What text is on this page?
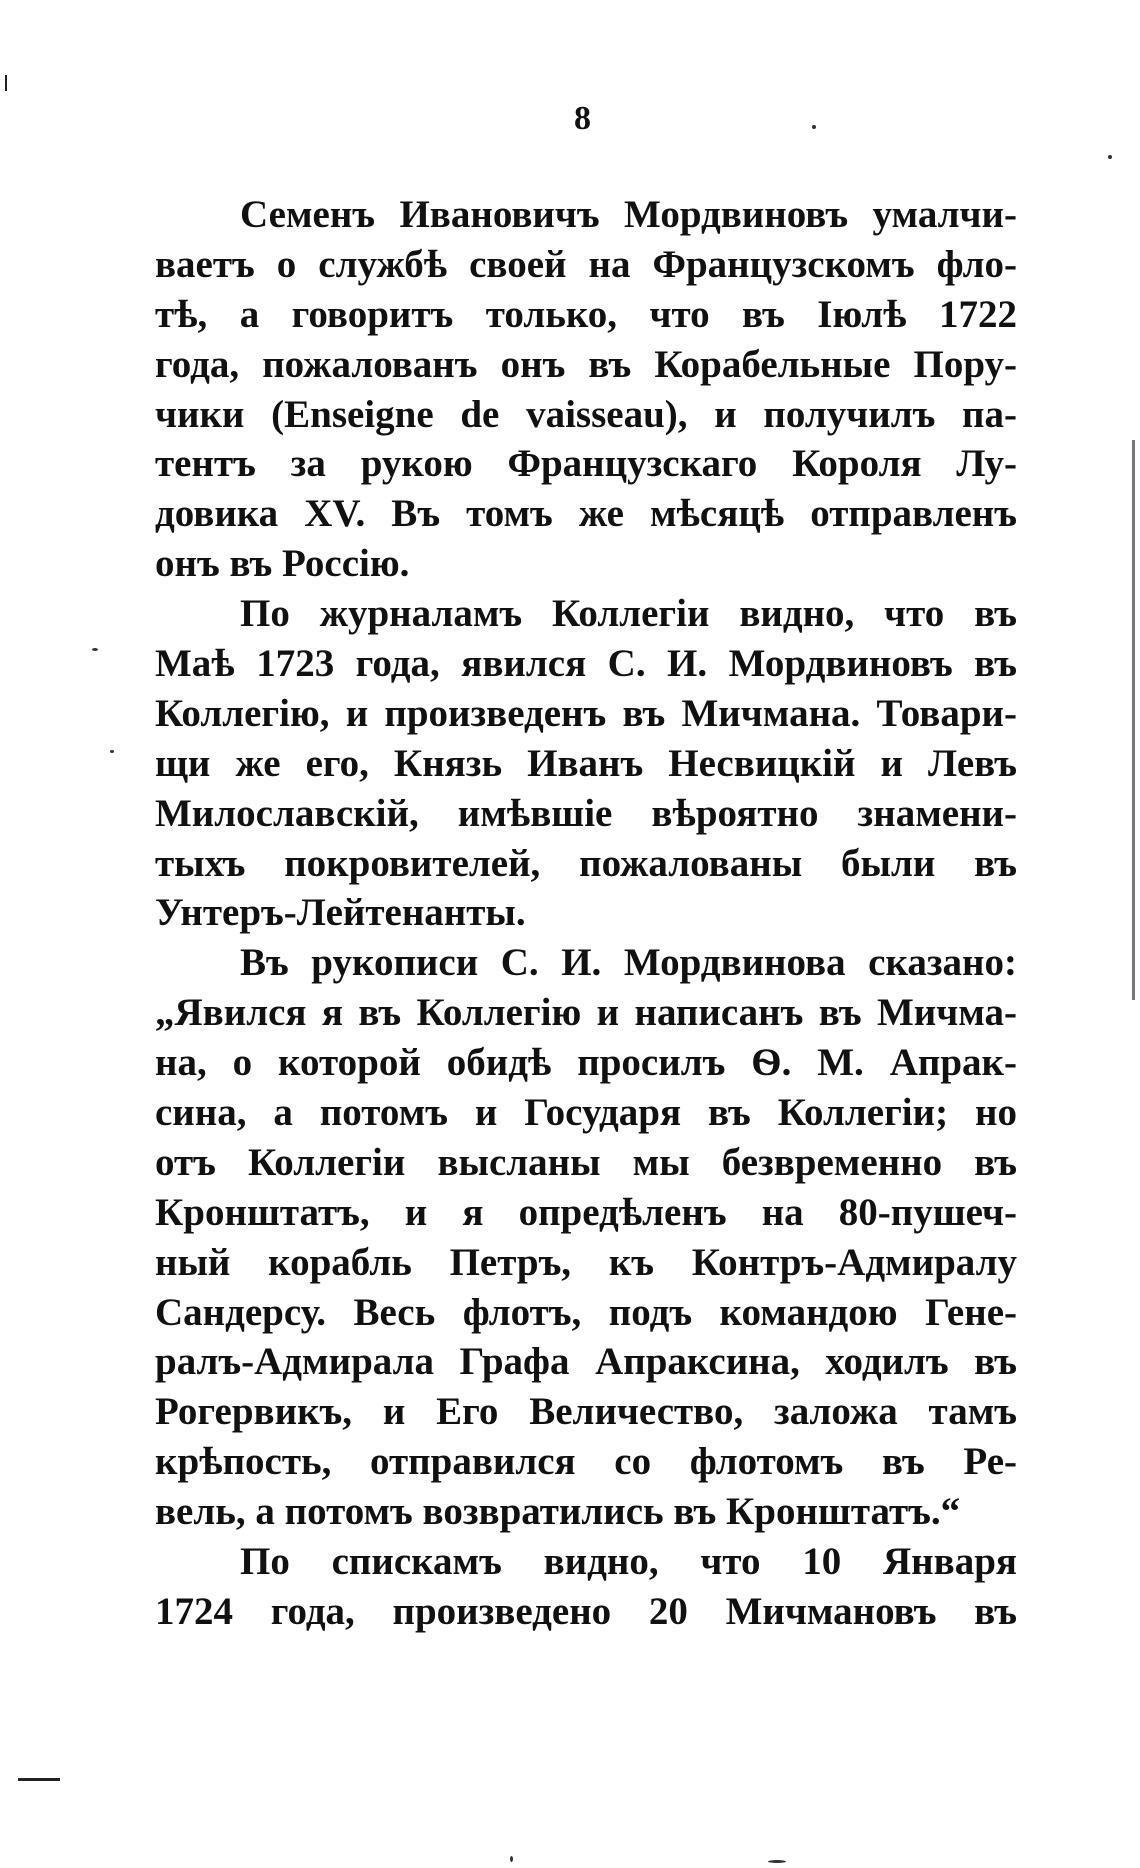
8
Семенъ Ивановичъ Мордвиновъ умалчи-
ваетъ о службѣ своей на Французскомъ фло-
тѣ, а говоритъ только, что въ Іюлѣ 1722
года, пожалованъ онъ въ Корабельные Пору-
чики (Enseigne de vaisseau), и получилъ па-
тентъ за рукою Французскаго Короля Лу-
довика XV. Въ томъ же мѣсяцѣ отправленъ
онъ въ Россію.
По журналамъ Коллегіи видно, что въ
Маѣ 1723 года, явился С. И. Мордвиновъ въ
Коллегію, и произведенъ въ Мичмана. Товари-
щи же его, Князь Иванъ Несвицкій и Левъ
Милославскій, имѣвшіе вѣроятно знамени-
тыхъ покровителей, пожалованы были въ
Унтеръ-Лейтенанты.
Въ рукописи С. И. Мордвинова сказано:
„Явился я въ Коллегію и написанъ въ Мичма-
на, о которой обидѣ просилъ Ѳ. М. Апрак-
сина, а потомъ и Государя въ Коллегіи; но
отъ Коллегіи высланы мы безвременно въ
Кронштатъ, и я опредѣленъ на 80-пушеч-
ный корабль Петръ, къ Контръ-Адмиралу
Сандерсу. Весь флотъ, подъ командою Гене-
ралъ-Адмирала Графа Апраксина, ходилъ въ
Рогервикъ, и Его Величество, заложа тамъ
крѣпость, отправился со флотомъ въ Ре-
вель, а потомъ возвратились въ Кронштатъ.“
По спискамъ видно, что 10 Января
1724 года, произведено 20 Мичмановъ въ
